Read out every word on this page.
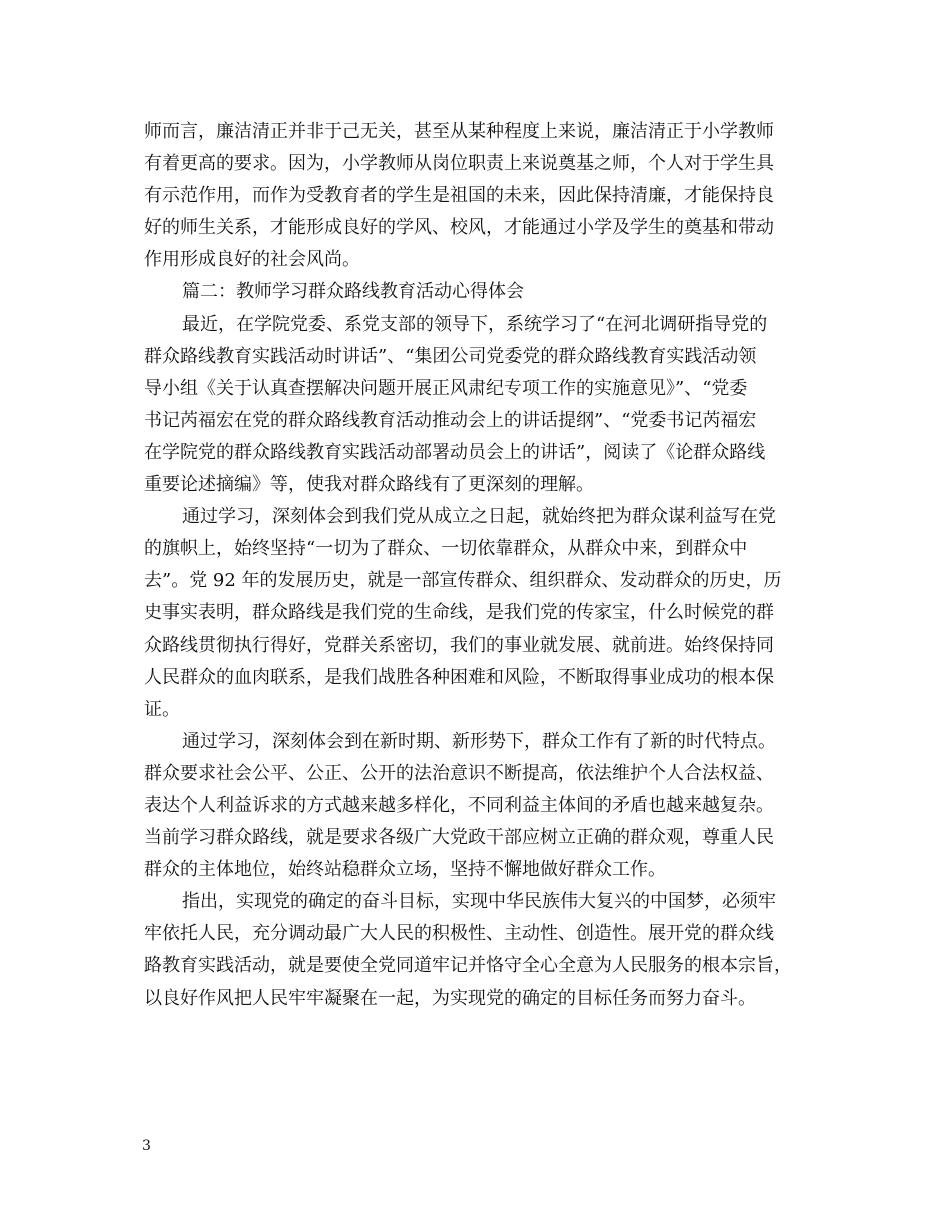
师而言，廉洁清正并非于己无关，甚至从某种程度上来说，廉洁清正于小学教师
有着更高的要求。因为，小学教师从岗位职责上来说奠基之师，个人对于学生具
有示范作用，而作为受教育者的学生是祖国的未来，因此保持清廉，才能保持良
好的师生关系，才能形成良好的学风、校风，才能通过小学及学生的奠基和带动
作用形成良好的社会风尚。
篇二：教师学习群众路线教育活动心得体会
最近，在学院党委、系党支部的领导下，系统学习了“在河北调研指导党的
群众路线教育实践活动时讲话”、“集团公司党委党的群众路线教育实践活动领
导小组《关于认真查摆解决问题开展正风肃纪专项工作的实施意见》”、“党委
书记芮福宏在党的群众路线教育活动推动会上的讲话提纲”、“党委书记芮福宏
在学院党的群众路线教育实践活动部署动员会上的讲话”，阅读了《论群众路线
重要论述摘编》等，使我对群众路线有了更深刻的理解。
通过学习，深刻体会到我们党从成立之日起，就始终把为群众谋利益写在党
的旗帜上，始终坚持“一切为了群众、一切依靠群众，从群众中来，到群众中
去”。党 92 年的发展历史，就是一部宣传群众、组织群众、发动群众的历史，历
史事实表明，群众路线是我们党的生命线，是我们党的传家宝，什么时候党的群
众路线贯彻执行得好，党群关系密切，我们的事业就发展、就前进。始终保持同
人民群众的血肉联系，是我们战胜各种困难和风险，不断取得事业成功的根本保
证。
通过学习，深刻体会到在新时期、新形势下，群众工作有了新的时代特点。
群众要求社会公平、公正、公开的法治意识不断提高，依法维护个人合法权益、
表达个人利益诉求的方式越来越多样化，不同利益主体间的矛盾也越来越复杂。
当前学习群众路线，就是要求各级广大党政干部应树立正确的群众观，尊重人民
群众的主体地位，始终站稳群众立场，坚持不懈地做好群众工作。
指出，实现党的确定的奋斗目标，实现中华民族伟大复兴的中国梦，必须牢
牢依托人民，充分调动最广大人民的积极性、主动性、创造性。展开党的群众线
路教育实践活动，就是要使全党同道牢记并恪守全心全意为人民服务的根本宗旨，
以良好作风把人民牢牢凝聚在一起，为实现党的确定的目标任务而努力奋斗。
3
